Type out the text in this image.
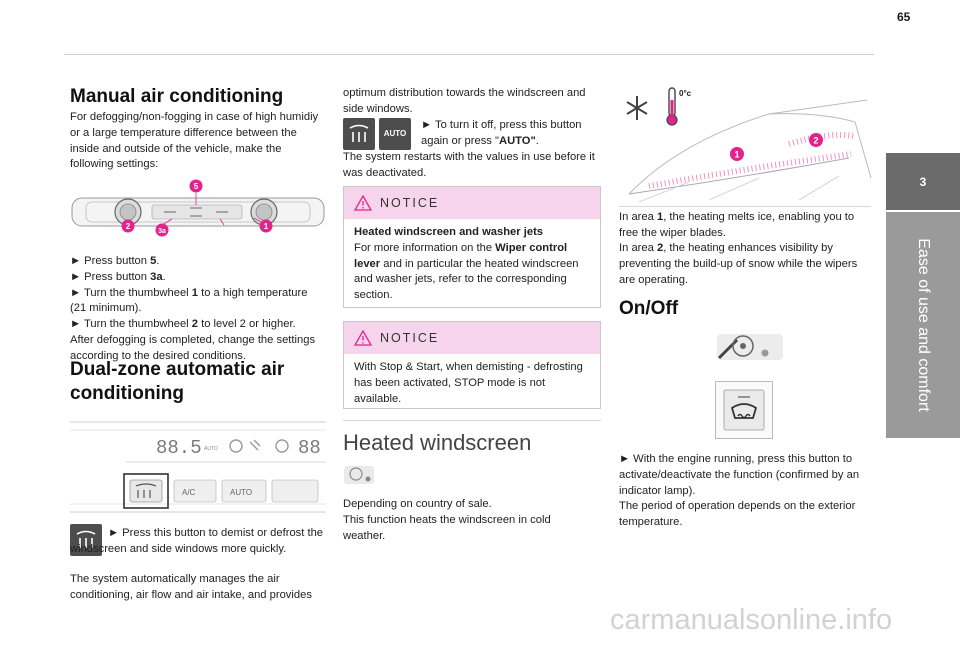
65
3
Ease of use and comfort
Manual air conditioning

For defogging/non-fogging in case of high humidiy or a large temperature difference between the inside and outside of the vehicle, make the following settings:

5
2
3a
1

► Press button 5.

► Press button 3a.

► Turn the thumbwheel 1 to a high temperature (21 minimum).

► Turn the thumbwheel 2 to level 2 or higher.

After defogging is completed, change the settings according to the desired conditions.

Dual-zone automatic air
conditioning
88.5 AUTO	88
A/C	AUTO

► Press this button to demist or defrost the windscreen and side windows more quickly.

The system automatically manages the air conditioning, air flow and air intake, and provides

optimum distribution towards the windscreen and side windows.

AUTO

► To turn it off, press this button again or press "AUTO".

The system restarts with the values in use before it was deactivated.

NOTICE

Heated windscreen and washer jets

For more information on the Wiper control lever and in particular the heated windscreen and washer jets, refer to the corresponding section.

NOTICE

With Stop & Start, when demisting - defrosting has been activated, STOP mode is not available.

Heated windscreen

Depending on country of sale.

This function heats the windscreen in cold weather.

0°c
1
2

In area 1, the heating melts ice, enabling you to free the wiper blades.

In area 2, the heating enhances visibility by preventing the build-up of snow while the wipers are operating.

On/Off

► With the engine running, press this button to activate/deactivate the function (confirmed by an indicator lamp).

The period of operation depends on the exterior temperature.

carmanualsonline.info
